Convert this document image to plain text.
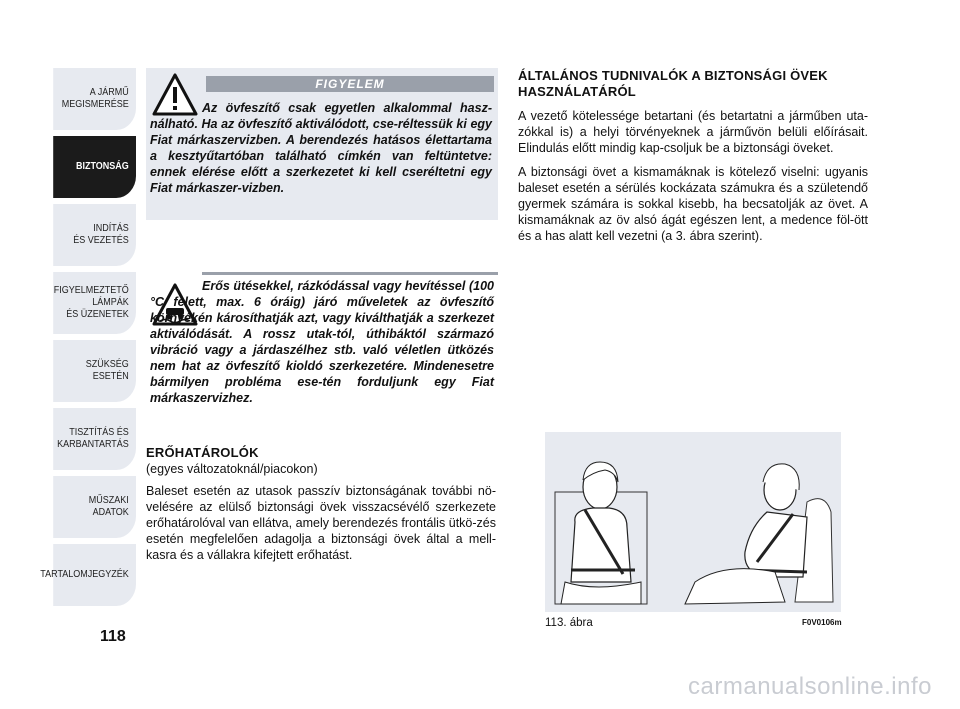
A JÁRMŰ
MEGISMERÉSE
BIZTONSÁG
INDÍTÁS
ÉS VEZETÉS
FIGYELMEZTETŐ
LÁMPÁK
ÉS ÜZENETEK
SZÜKSÉG
ESETÉN
TISZTÍTÁS ÉS
KARBANTARTÁS
MŰSZAKI
ADATOK
TARTALOMJEGYZÉK
118
FIGYELEM
Az övfeszítő csak egyetlen alkalommal hasz-nálható. Ha az övfeszítő aktiválódott, cse-réltessük ki egy Fiat márkaszervizben. A berendezés hatásos élettartama a kesztyűtartóban található címkén van feltüntetve: ennek elérése előtt a szerkezetet ki kell cseréltetni egy Fiat márkaszer-vizben.
Erős ütésekkel, rázkódással vagy hevítéssel (100 °C felett, max. 6 óráig) járó műveletek az övfeszítő környékén károsíthatják azt, vagy kiválthatják a szerkezet aktiválódását. A rossz utak-tól, úthibáktól származó vibráció vagy a járdaszélhez stb. való véletlen ütközés nem hat az övfeszítő kioldó szerkezetére. Mindenesetre bármilyen probléma ese-tén forduljunk egy Fiat márkaszervizhez.
ERŐHATÁROLÓK
(egyes változatoknál/piacokon)
Baleset esetén az utasok passzív biztonságának további nö-velésére az elülső biztonsági övek visszacsévélő szerkezete erőhatárolóval van ellátva, amely berendezés frontális ütkö-zés esetén megfelelően adagolja a biztonsági övek által a mell-kasra és a vállakra kifejtett erőhatást.
ÁLTALÁNOS TUDNIVALÓK A BIZTONSÁGI ÖVEK HASZNÁLATÁRÓL

A vezető kötelessége betartani (és betartatni a járműben uta-zókkal is) a helyi törvényeknek a járművön belüli előírásait. Elindulás előtt mindig kap-csoljuk be a biztonsági öveket.

A biztonsági övet a kismamáknak is kötelező viselni: ugyanis baleset esetén a sérülés kockázata számukra és a születendő gyermek számára is sokkal kisebb, ha becsatolják az övet. A kismamáknak az öv alsó ágát egészen lent, a medence föl-ött és a has alatt kell vezetni (a 3. ábra szerint).

113. ábra	F0V0106m
carmanualsonline.info
